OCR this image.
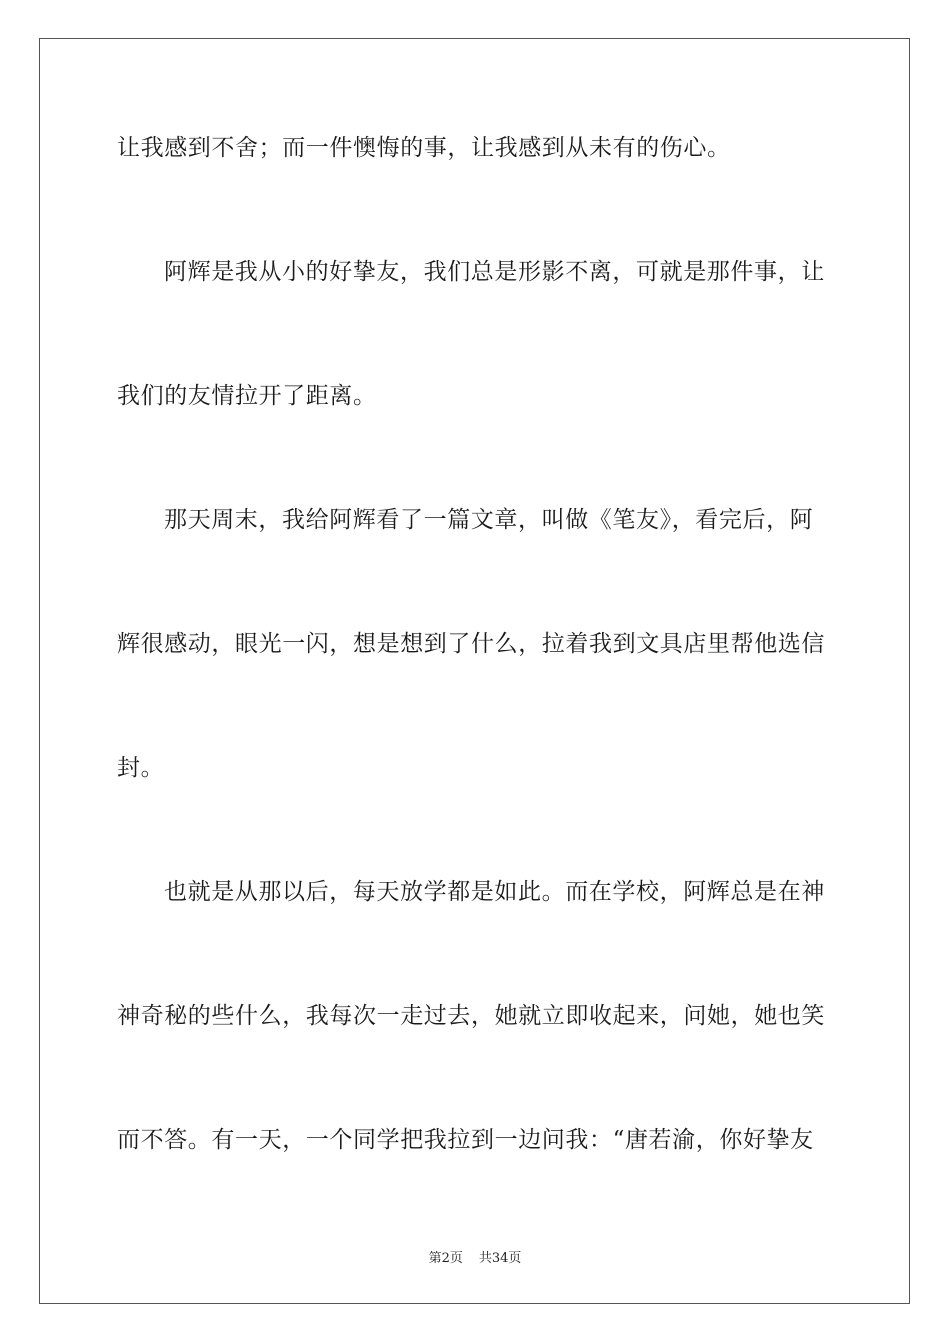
让我感到不舍；而一件懊悔的事，让我感到从未有的伤心。
阿辉是我从小的好挚友，我们总是形影不离，可就是那件事，让
我们的友情拉开了距离。
那天周末，我给阿辉看了一篇文章，叫做《笔友》，看完后，阿
辉很感动，眼光一闪，想是想到了什么，拉着我到文具店里帮他选信
封。
也就是从那以后，每天放学都是如此。而在学校，阿辉总是在神
神奇秘的些什么，我每次一走过去，她就立即收起来，问她，她也笑
而不答。有一天，一个同学把我拉到一边问我：“唐若渝，你好挚友
第2页 共34页
